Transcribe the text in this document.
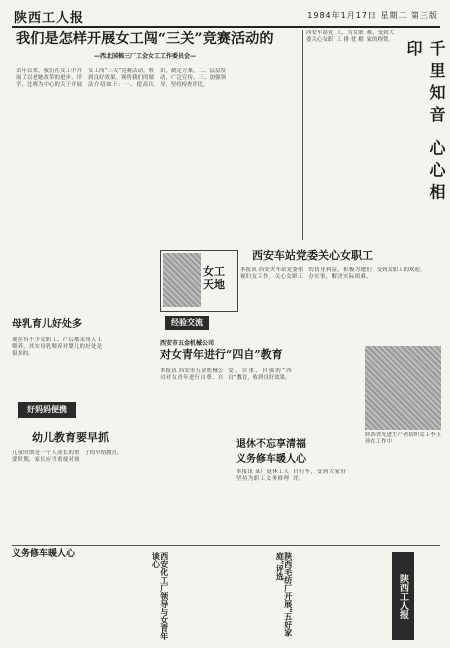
陕西工人报	1984年1月17日 星期二 第三版
我们是怎样开展女工闯“三关”竞赛活动的
—西北国棉三厂工会女工工作委员会—
去年以来，我们在女工中开展了以老她改革的进步、评学、比赛为中心的关于开展女工闯“三关”竞赛活动。收到良好效果。现将我们的做法介绍如下：一、提高认识，制定方案。二、层层发动，广泛宣传。三、加强领导，坚持检查评比。
西安车站党委关心女职工，为女职工排忧解难，受到大家的称赞。	千里知音 心心相印
西安车站党委关心女职工
本报讯 西安火车站党委重视妇女工作，关心女职工的切身利益，积极为她们办实事，解决实际困难，受到女职工的欢迎。
经验交流
西安市五金机械公司
对女青年进行“四自”教育
本报讯 西安市五金机械公司对女青年进行自尊、自爱、自重、自强的“四自”教育，收到良好效果。
陕西省先进生产者纺织女工李玉珍在工作中
母乳育儿好处多
现在有不少女职工，产后都采用人工喂养，其实母乳喂养对婴儿的好处是很多的。
好妈妈便携
女工天地
幼儿教育要早抓
儿童时期是一个人成长的重要时期，家长应当重视对孩子的早期教育。
退休不忘享清福
义务修车暖人心
本报讯 某厂退休工人坚持为职工义务修理自行车，受到大家好评。
义务修车暖人心	西安化工厂领导与女青年谈心	陕西毛纺厂开展“五好家庭”评选
陕西工人报
